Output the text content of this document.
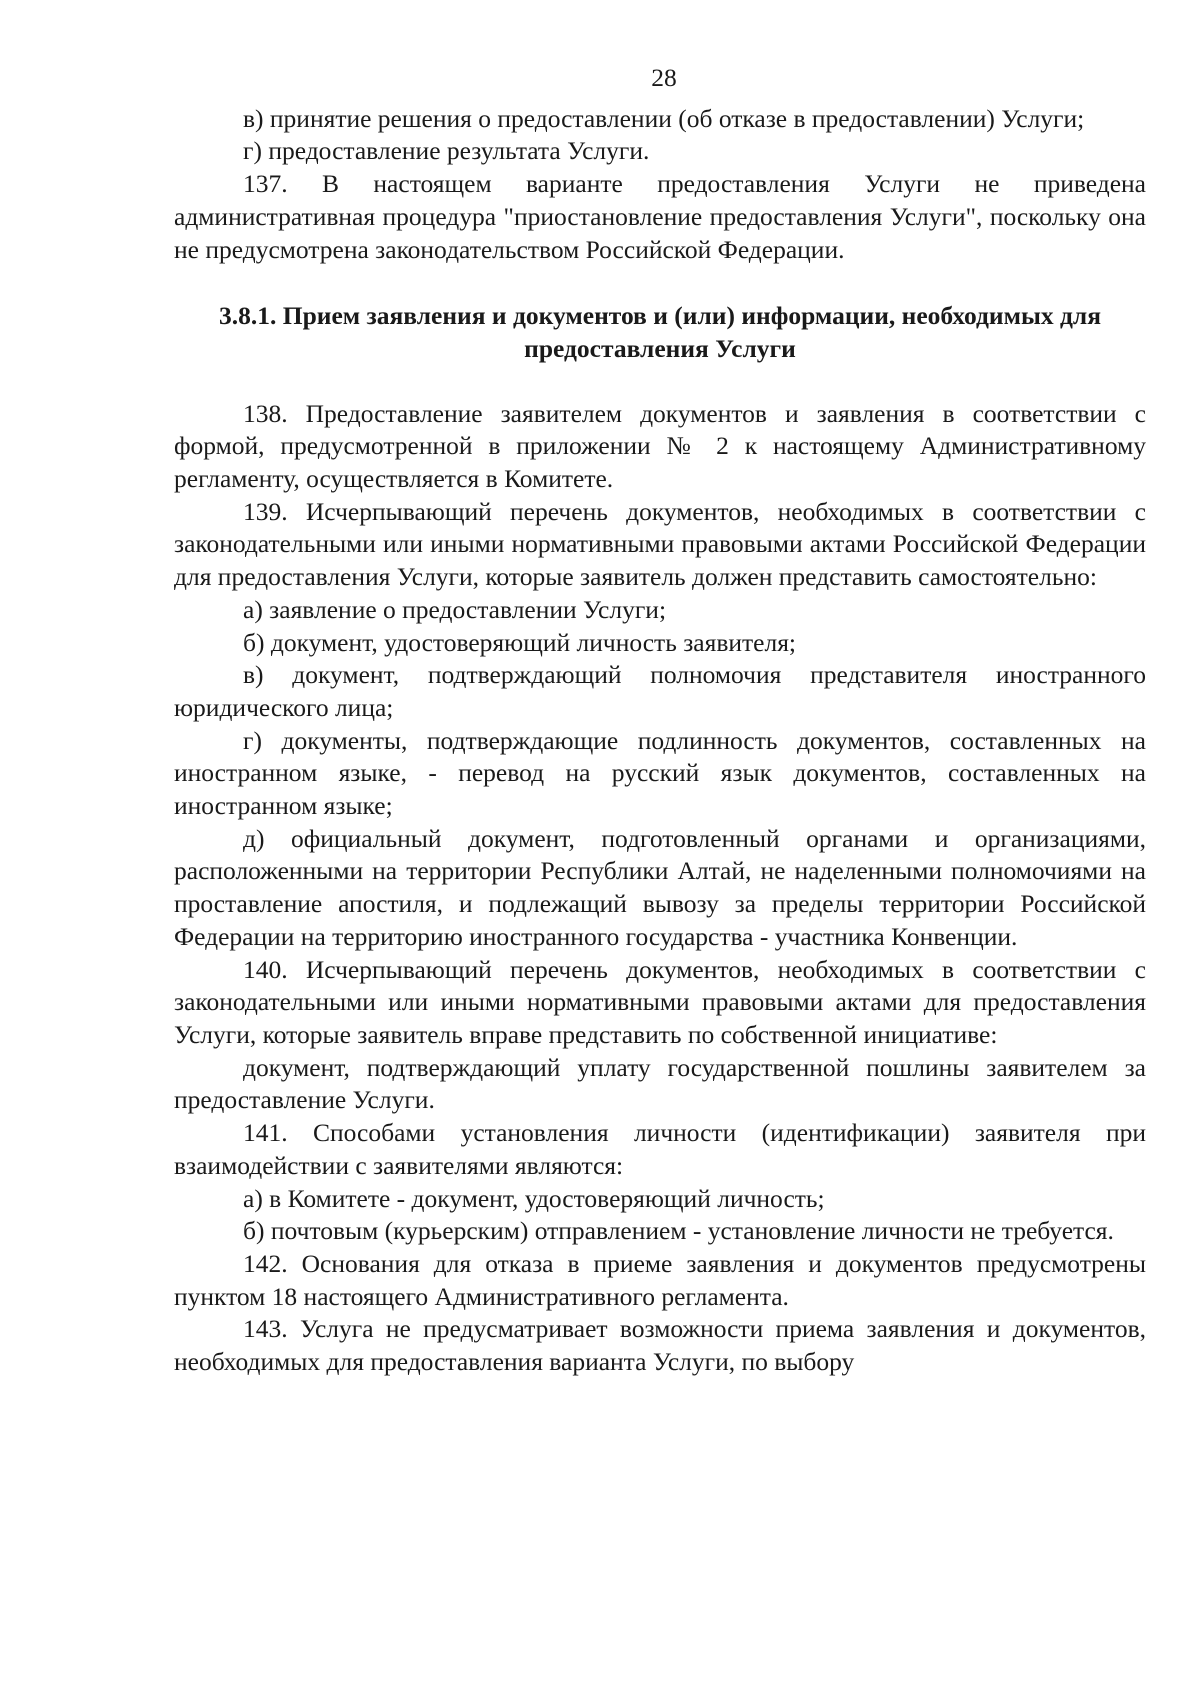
28

в) принятие решения о предоставлении (об отказе в предоставлении) Услуги;

г) предоставление результата Услуги.

137. В настоящем варианте предоставления Услуги не приведена административная процедура "приостановление предоставления Услуги", поскольку она не предусмотрена законодательством Российской Федерации.

3.8.1. Прием заявления и документов и (или) информации, необходимых для предоставления Услуги

138. Предоставление заявителем документов и заявления в соответствии с формой, предусмотренной в приложении № 2 к настоящему Административному регламенту, осуществляется в Комитете.

139. Исчерпывающий перечень документов, необходимых в соответствии с законодательными или иными нормативными правовыми актами Российской Федерации для предоставления Услуги, которые заявитель должен представить самостоятельно:

а) заявление о предоставлении Услуги;

б) документ, удостоверяющий личность заявителя;

в) документ, подтверждающий полномочия представителя иностранного юридического лица;

г) документы, подтверждающие подлинность документов, составленных на иностранном языке, - перевод на русский язык документов, составленных на иностранном языке;

д) официальный документ, подготовленный органами и организациями, расположенными на территории Республики Алтай, не наделенными полномочиями на проставление апостиля, и подлежащий вывозу за пределы территории Российской Федерации на территорию иностранного государства - участника Конвенции.

140. Исчерпывающий перечень документов, необходимых в соответствии с законодательными или иными нормативными правовыми актами для предоставления Услуги, которые заявитель вправе представить по собственной инициативе:

документ, подтверждающий уплату государственной пошлины заявителем за предоставление Услуги.

141. Способами установления личности (идентификации) заявителя при взаимодействии с заявителями являются:

а) в Комитете - документ, удостоверяющий личность;

б) почтовым (курьерским) отправлением - установление личности не требуется.

142. Основания для отказа в приеме заявления и документов предусмотрены пунктом 18 настоящего Административного регламента.

143. Услуга не предусматривает возможности приема заявления и документов, необходимых для предоставления варианта Услуги, по выбору
